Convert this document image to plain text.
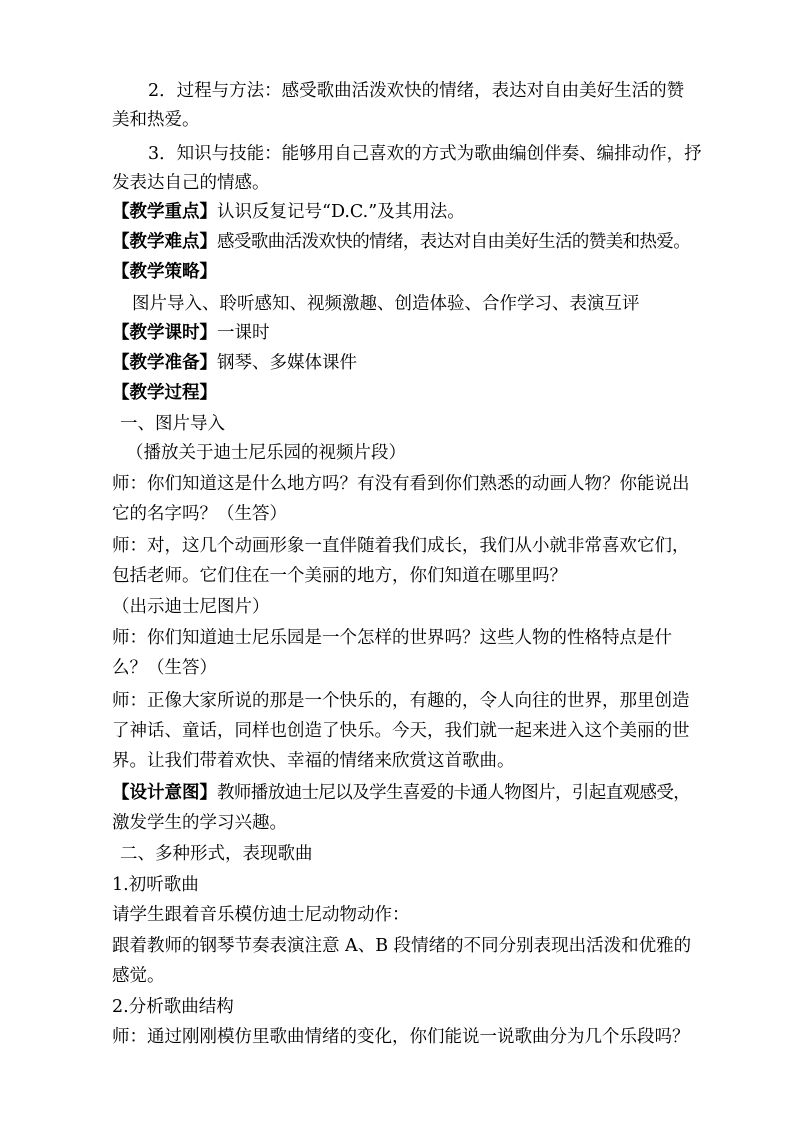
2．过程与方法：感受歌曲活泼欢快的情绪，表达对自由美好生活的赞
美和热爱。
3．知识与技能：能够用自己喜欢的方式为歌曲编创伴奏、编排动作，抒
发表达自己的情感。
【教学重点】认识反复记号“D.C.”及其用法。
【教学难点】感受歌曲活泼欢快的情绪，表达对自由美好生活的赞美和热爱。
【教学策略】
图片导入、聆听感知、视频激趣、创造体验、合作学习、表演互评
【教学课时】一课时
【教学准备】钢琴、多媒体课件
【教学过程】
一、图片导入
（播放关于迪士尼乐园的视频片段）
师：你们知道这是什么地方吗？有没有看到你们熟悉的动画人物？你能说出
它的名字吗？（生答）
师：对，这几个动画形象一直伴随着我们成长，我们从小就非常喜欢它们，
包括老师。它们住在一个美丽的地方，你们知道在哪里吗？
（出示迪士尼图片）
师：你们知道迪士尼乐园是一个怎样的世界吗？这些人物的性格特点是什
么？（生答）
师：正像大家所说的那是一个快乐的，有趣的，令人向往的世界，那里创造
了神话、童话，同样也创造了快乐。今天，我们就一起来进入这个美丽的世
界。让我们带着欢快、幸福的情绪来欣赏这首歌曲。
【设计意图】教师播放迪士尼以及学生喜爱的卡通人物图片，引起直观感受，
激发学生的学习兴趣。
二、多种形式，表现歌曲
1.初听歌曲
请学生跟着音乐模仿迪士尼动物动作：
跟着教师的钢琴节奏表演注意 A、B 段情绪的不同分别表现出活泼和优雅的
感觉。
2.分析歌曲结构
师：通过刚刚模仿里歌曲情绪的变化，你们能说一说歌曲分为几个乐段吗？
